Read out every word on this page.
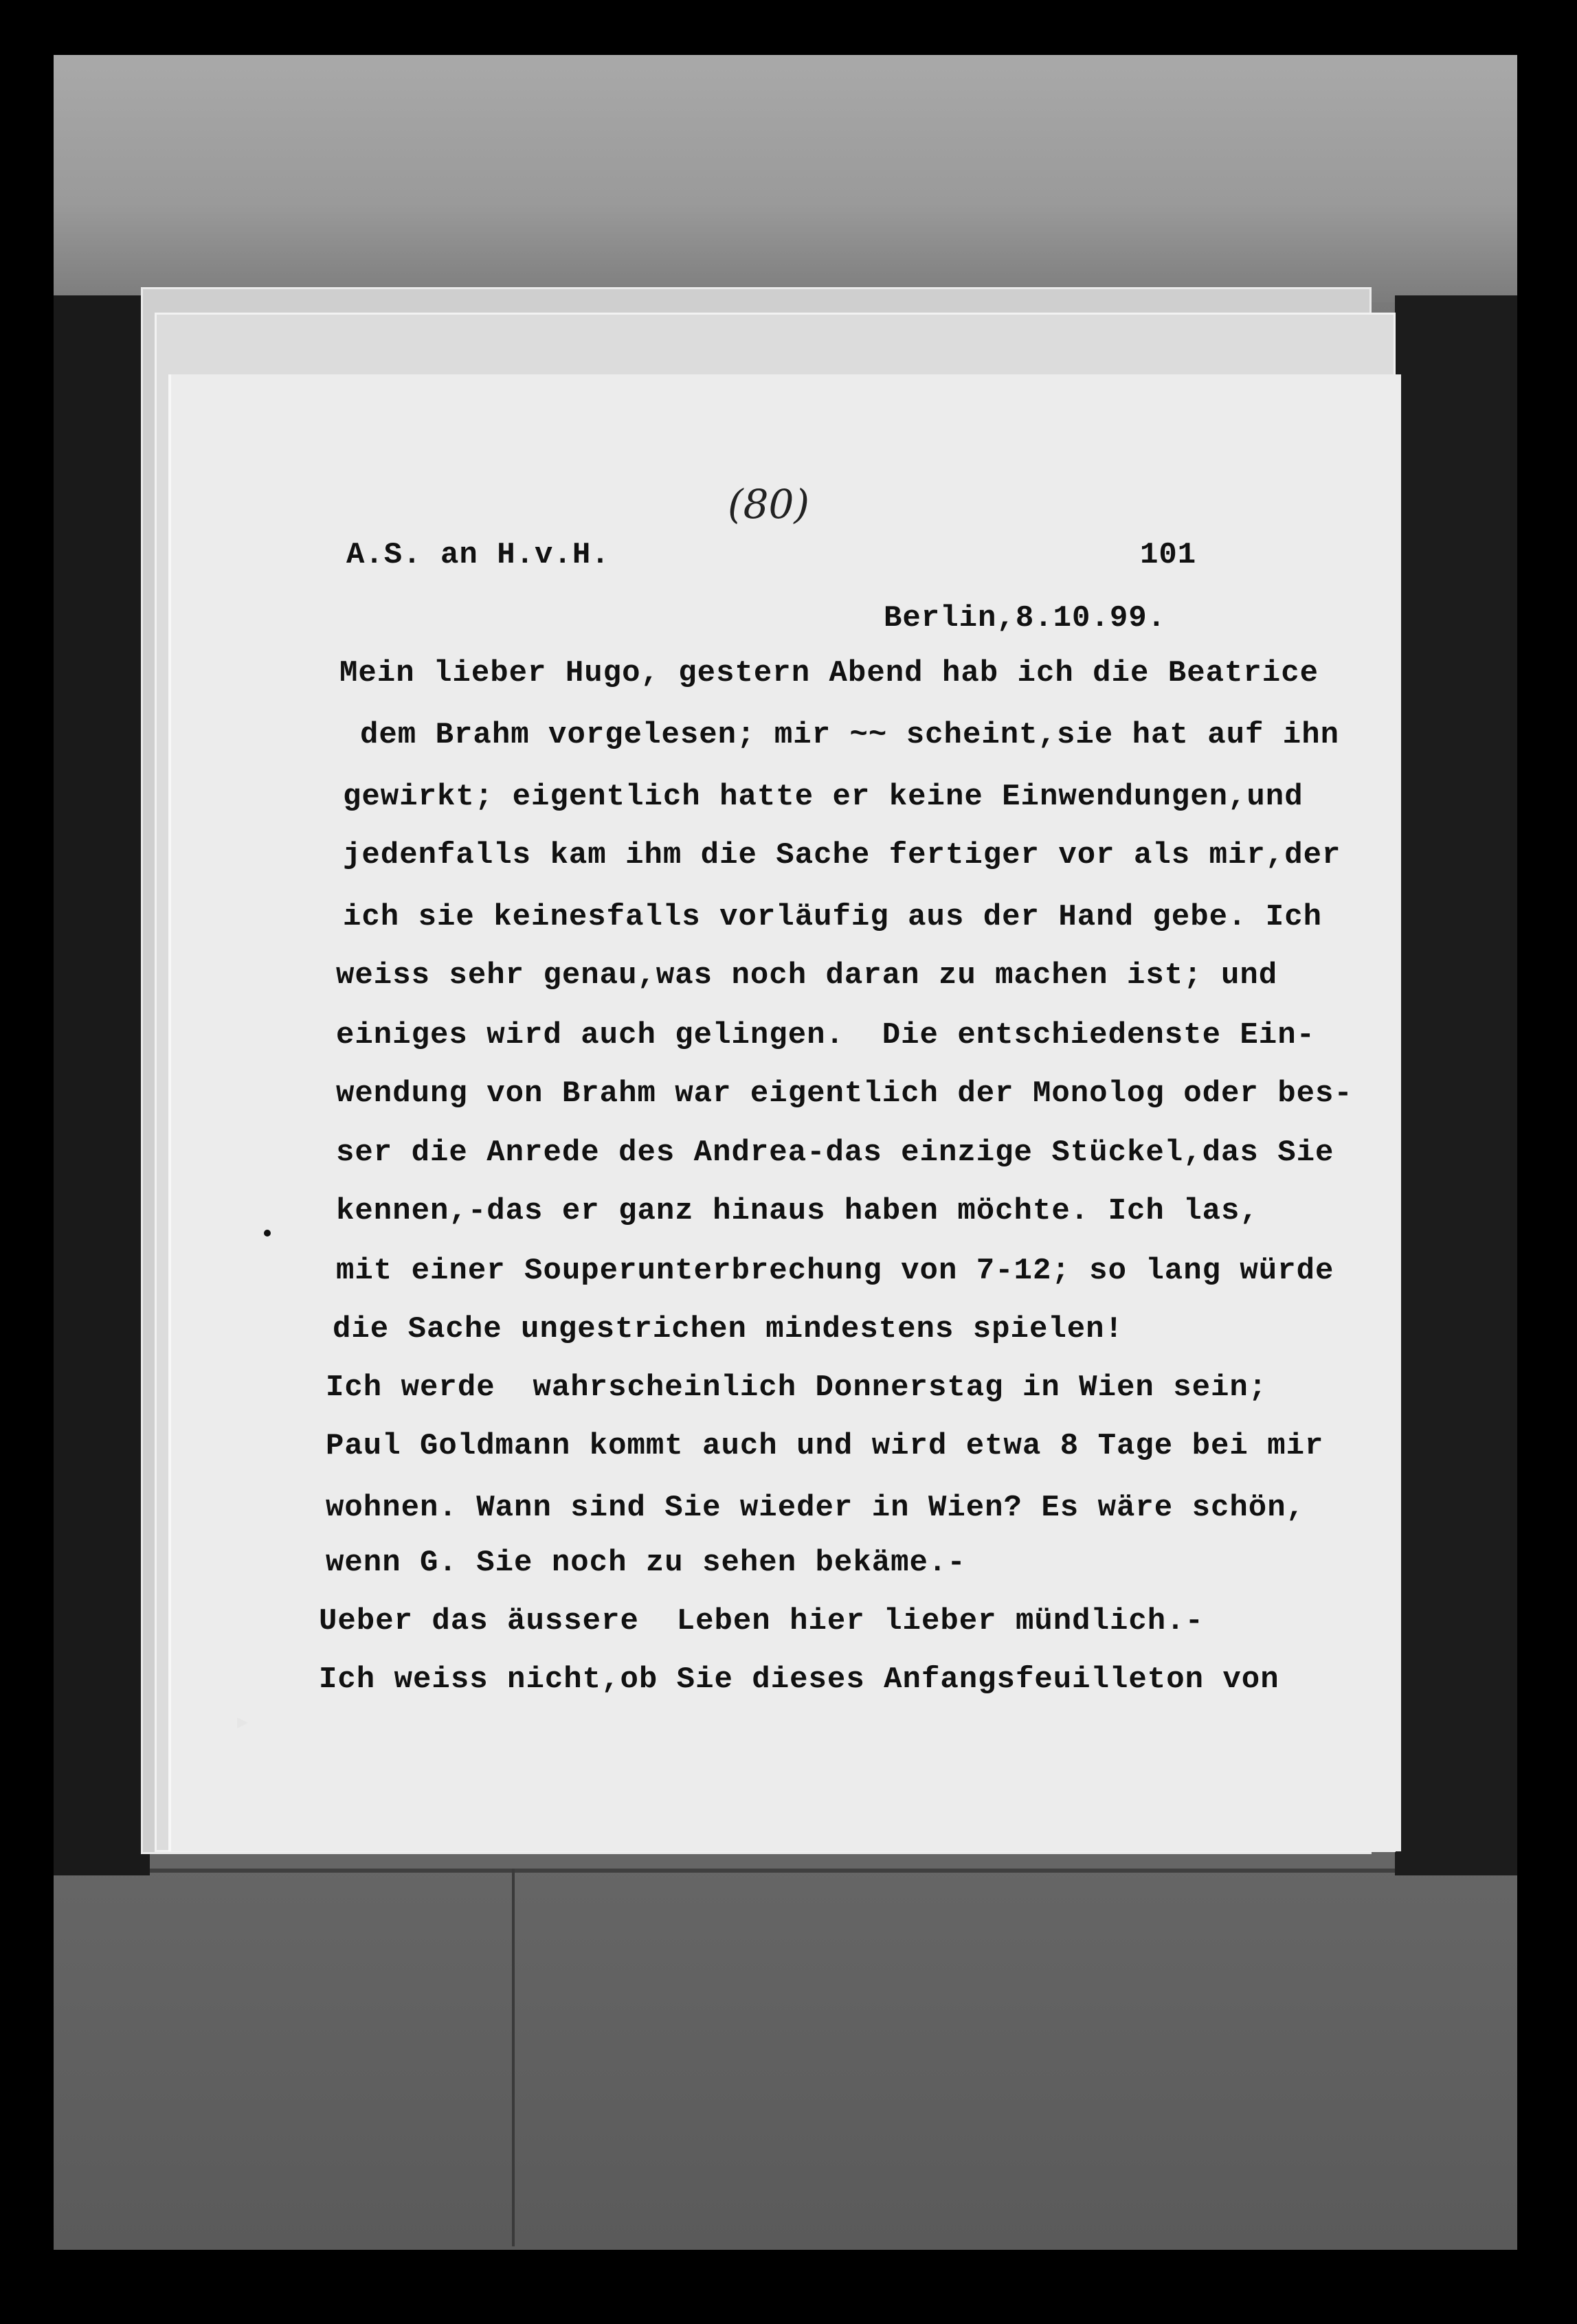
(80)
A.S. an H.v.H.	101
Berlin,8.10.99.
Mein lieber Hugo, gestern Abend hab ich die Beatrice
dem Brahm vorgelesen; mir ~~ scheint,sie hat auf ihn
gewirkt; eigentlich hatte er keine Einwendungen,und
jedenfalls kam ihm die Sache fertiger vor als mir,der
ich sie keinesfalls vorläufig aus der Hand gebe. Ich
weiss sehr genau,was noch daran zu machen ist; und
einiges wird auch gelingen.  Die entschiedenste Ein-
wendung von Brahm war eigentlich der Monolog oder bes-
ser die Anrede des Andrea-das einzige Stückel,das Sie
kennen,-das er ganz hinaus haben möchte. Ich las,
mit einer Souperunterbrechung von 7-12; so lang würde
die Sache ungestrichen mindestens spielen!
Ich werde  wahrscheinlich Donnerstag in Wien sein;
Paul Goldmann kommt auch und wird etwa 8 Tage bei mir
wohnen. Wann sind Sie wieder in Wien? Es wäre schön,
wenn G. Sie noch zu sehen bekäme.-
Ueber das äussere  Leben hier lieber mündlich.-
Ich weiss nicht,ob Sie dieses Anfangsfeuilleton von
